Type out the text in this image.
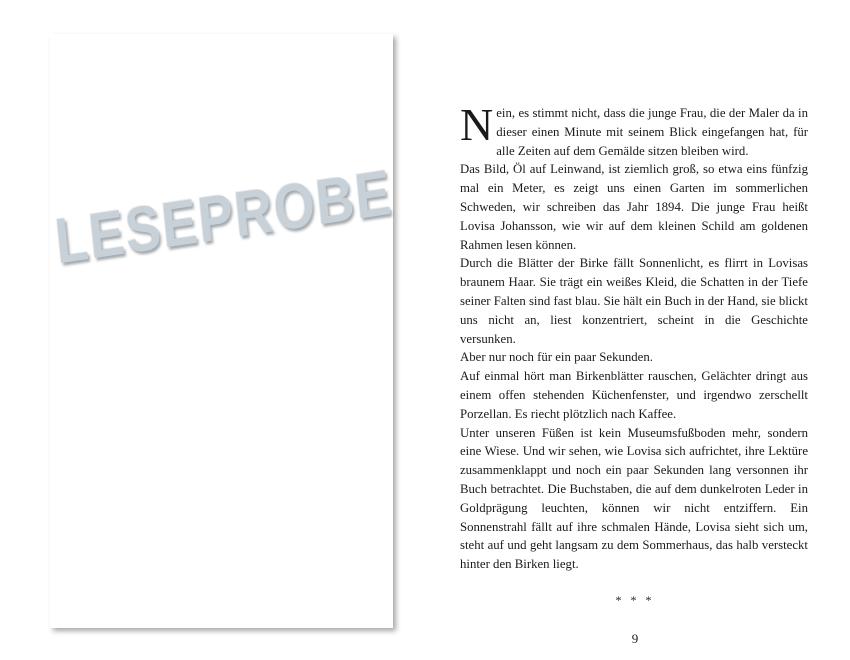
LESEPROBE

Nein, es stimmt nicht, dass die junge Frau, die der Maler da in dieser einen Minute mit seinem Blick eingefangen hat, für alle Zeiten auf dem Gemälde sitzen bleiben wird.

Das Bild, Öl auf Leinwand, ist ziemlich groß, so etwa eins fünfzig mal ein Meter, es zeigt uns einen Garten im sommerlichen Schweden, wir schreiben das Jahr 1894. Die junge Frau heißt Lovisa Johansson, wie wir auf dem kleinen Schild am goldenen Rahmen lesen können.

Durch die Blätter der Birke fällt Sonnenlicht, es flirrt in Lovisas braunem Haar. Sie trägt ein weißes Kleid, die Schatten in der Tiefe seiner Falten sind fast blau. Sie hält ein Buch in der Hand, sie blickt uns nicht an, liest konzentriert, scheint in die Geschichte versunken.

Aber nur noch für ein paar Sekunden.

Auf einmal hört man Birkenblätter rauschen, Gelächter dringt aus einem offen stehenden Küchenfenster, und irgendwo zerschellt Porzellan. Es riecht plötzlich nach Kaffee.

Unter unseren Füßen ist kein Museumsfußboden mehr, sondern eine Wiese. Und wir sehen, wie Lovisa sich aufrichtet, ihre Lektüre zusammenklappt und noch ein paar Sekunden lang versonnen ihr Buch betrachtet. Die Buchstaben, die auf dem dunkelroten Leder in Goldprägung leuchten, können wir nicht entziffern. Ein Sonnenstrahl fällt auf ihre schmalen Hände, Lovisa sieht sich um, steht auf und geht langsam zu dem Sommerhaus, das halb versteckt hinter den Birken liegt.

* * *
9
